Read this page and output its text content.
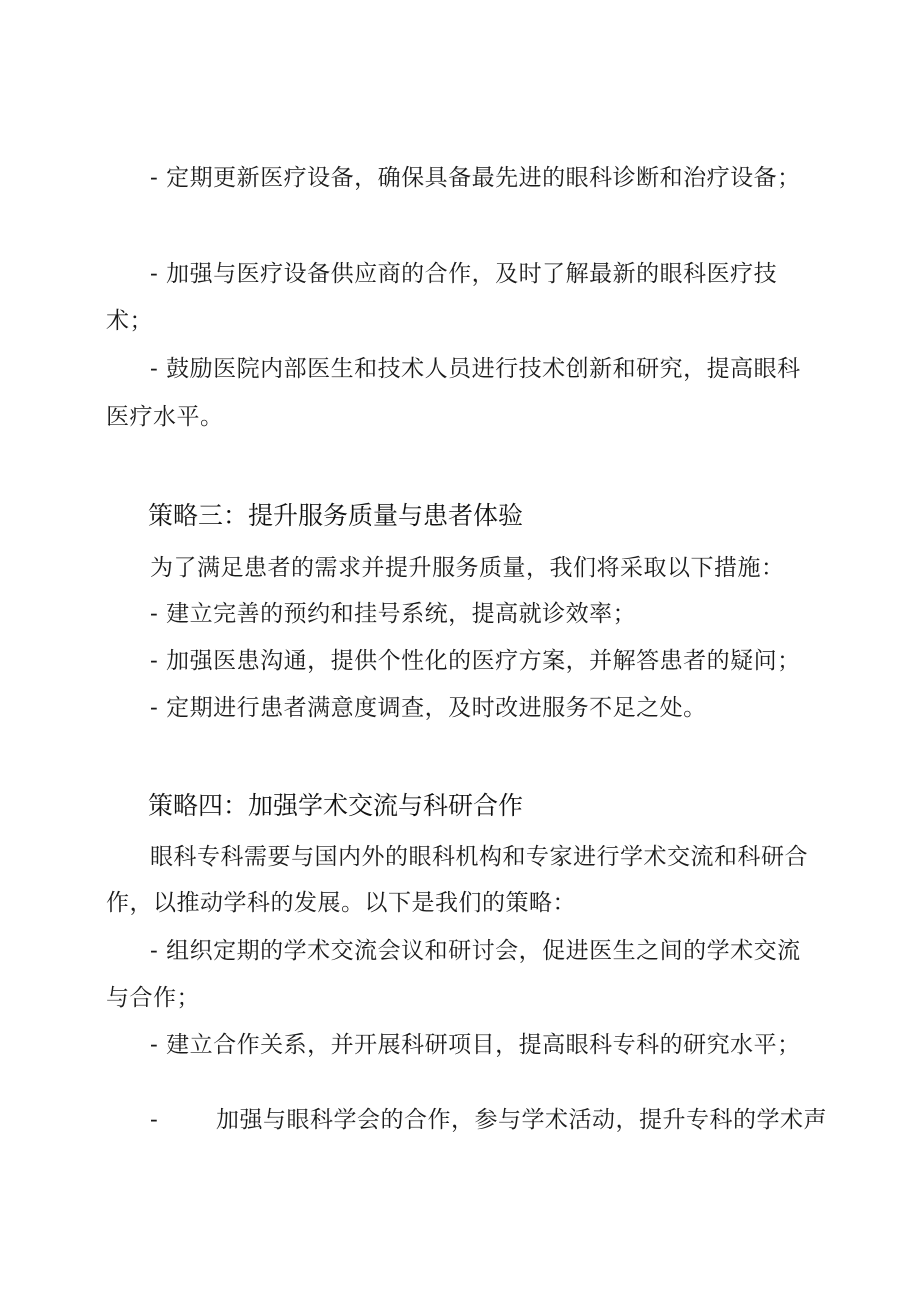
- 定期更新医疗设备，确保具备最先进的眼科诊断和治疗设备；
- 加强与医疗设备供应商的合作，及时了解最新的眼科医疗技
术；
- 鼓励医院内部医生和技术人员进行技术创新和研究，提高眼科
医疗水平。
策略三：提升服务质量与患者体验
为了满足患者的需求并提升服务质量，我们将采取以下措施：
- 建立完善的预约和挂号系统，提高就诊效率；
- 加强医患沟通，提供个性化的医疗方案，并解答患者的疑问；
- 定期进行患者满意度调查，及时改进服务不足之处。
策略四：加强学术交流与科研合作
眼科专科需要与国内外的眼科机构和专家进行学术交流和科研合
作，以推动学科的发展。以下是我们的策略：
- 组织定期的学术交流会议和研讨会，促进医生之间的学术交流
与合作；
- 建立合作关系，并开展科研项目，提高眼科专科的研究水平；
-	加强与眼科学会的合作，参与学术活动，提升专科的学术声
